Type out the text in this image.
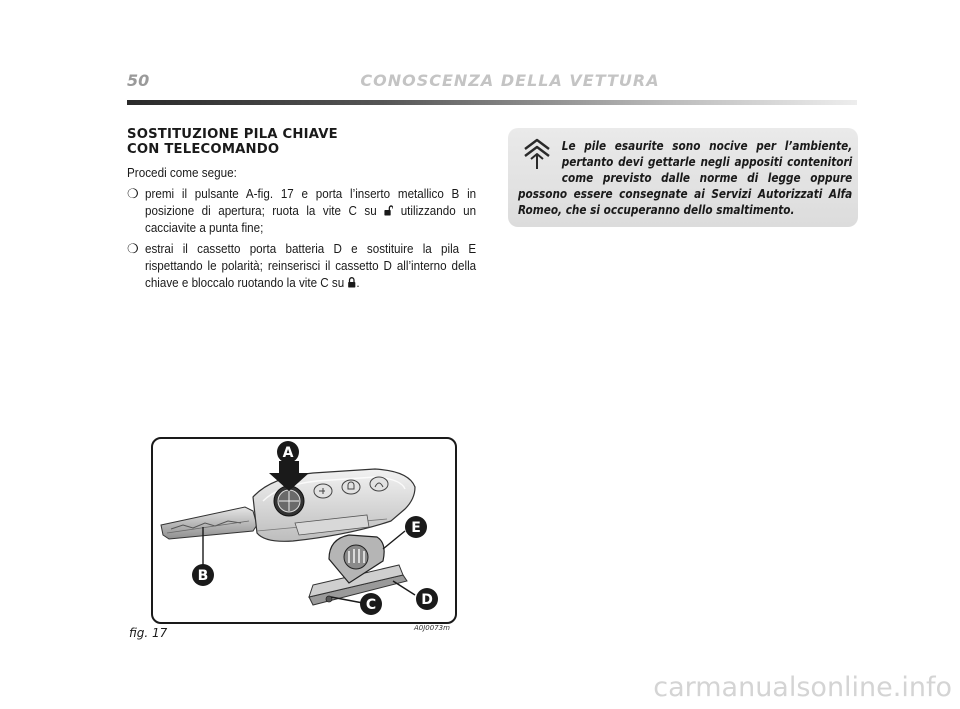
50	CONOSCENZA DELLA VETTURA
SOSTITUZIONE PILA CHIAVE
CON TELECOMANDO

Procedi come segue:

❍ premi il pulsante A-fig. 17 e porta l’inserto metallico B in posizione di apertura; ruota la vite C su utilizzando un cacciavite a punta fine;
❍ estrai il cassetto porta batteria D e sostituire la pila E rispettando le polarità; reinserisci il cassetto D all’interno della chiave e bloccalo ruotando la vite C su .

Le pile esaurite sono nocive per l’ambiente, pertanto devi gettarle negli appositi contenitori come previsto dalle norme di legge oppure possono essere consegnate ai Servizi Autorizzati Alfa Romeo, che si occuperanno dello smaltimento.

A
B
C	D
E
fig. 17	A0J0073m
carmanualsonline.info
